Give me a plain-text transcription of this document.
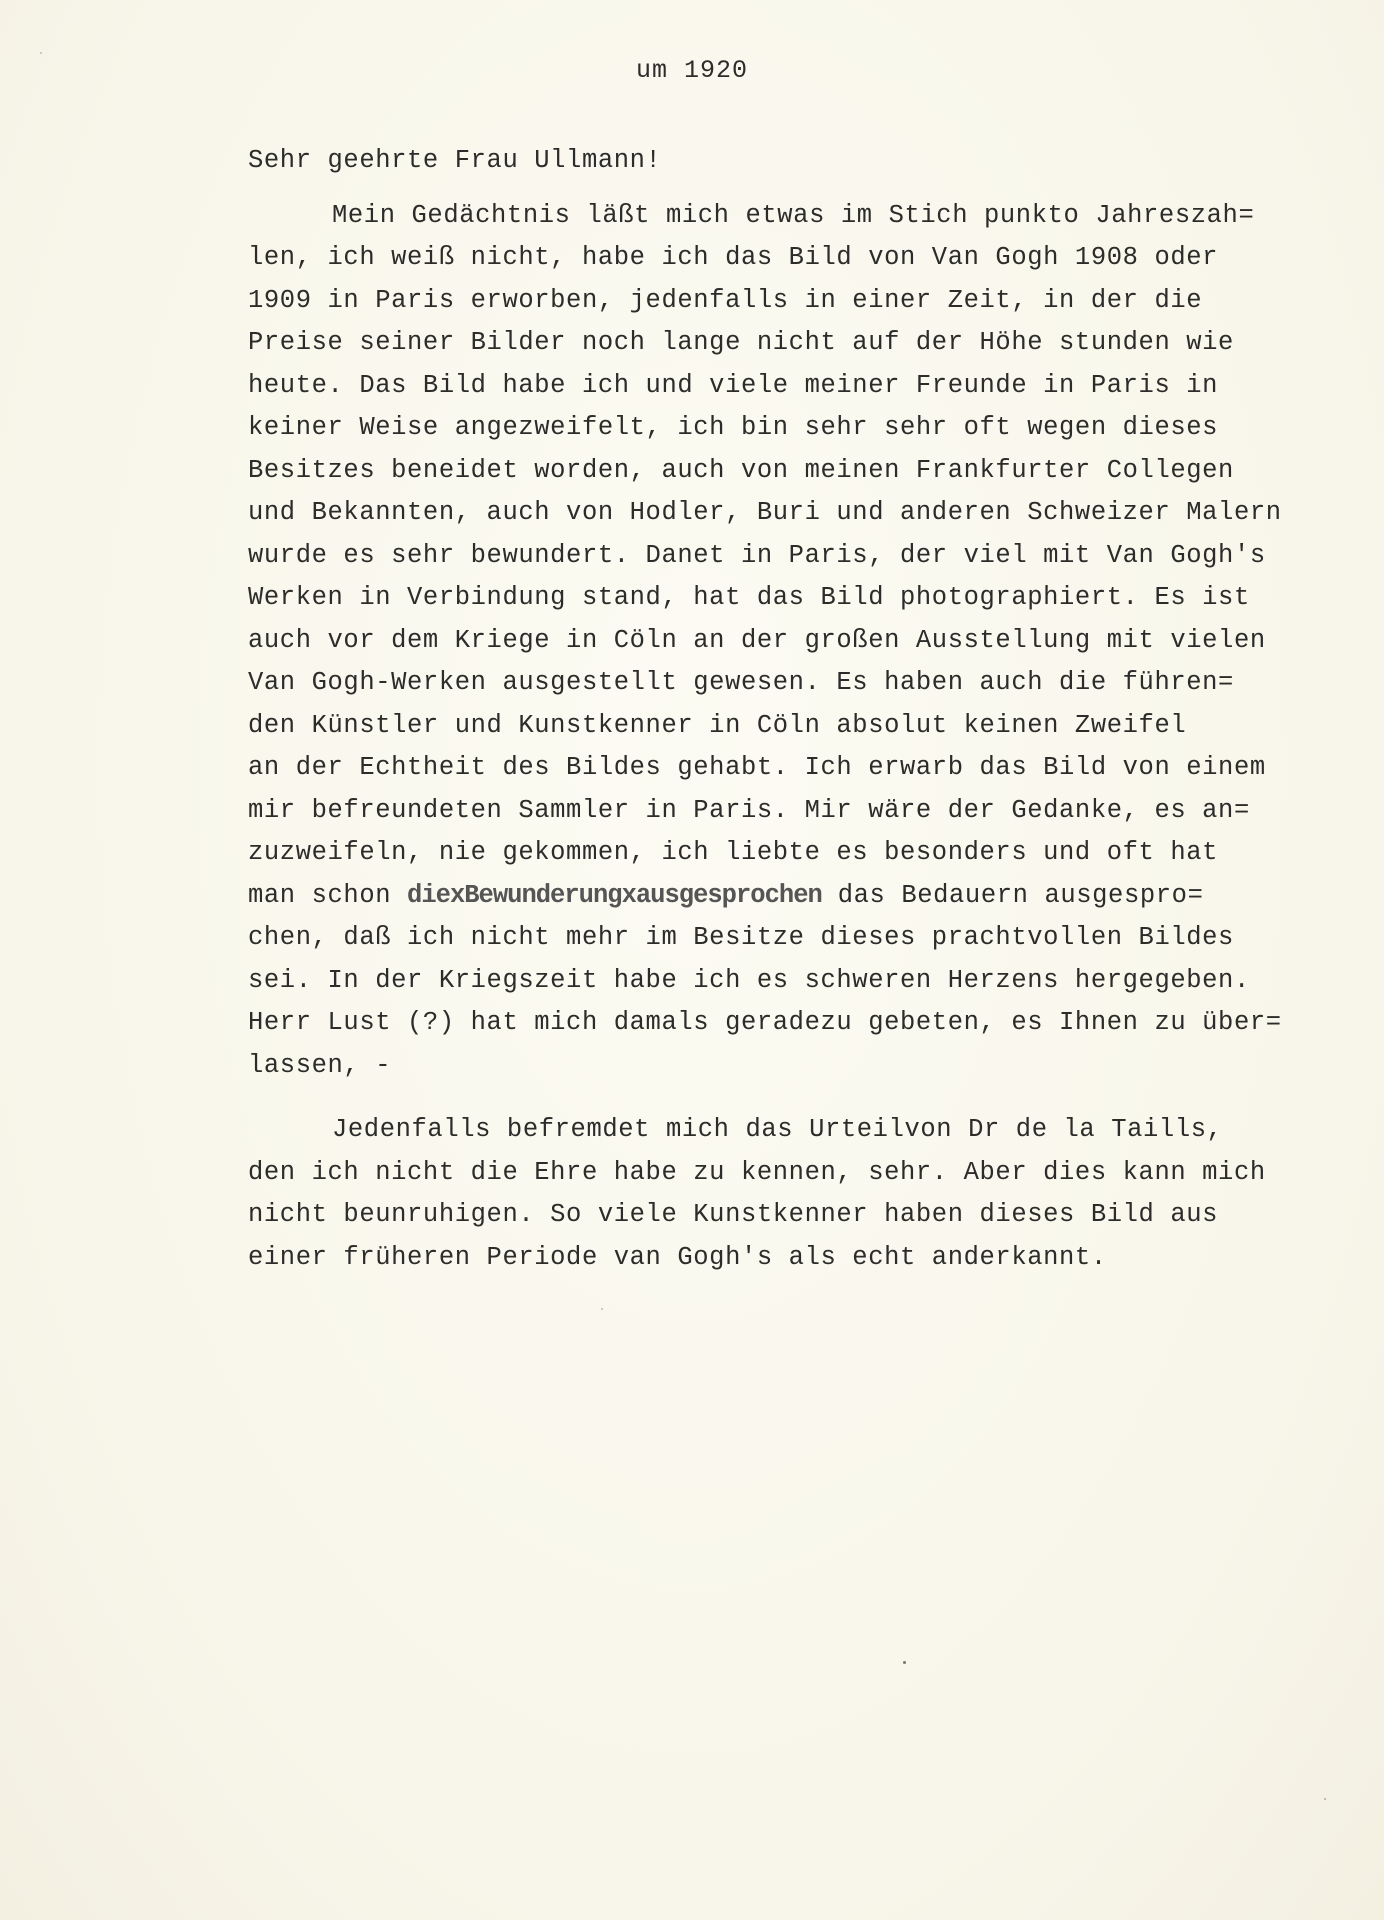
um 1920
Sehr geehrte Frau Ullmann!

Mein Gedächtnis läßt mich etwas im Stich punkto Jahreszah=

len, ich weiß nicht, habe ich das Bild von Van Gogh 1908 oder

1909 in Paris erworben, jedenfalls in einer Zeit, in der die

Preise seiner Bilder noch lange nicht auf der Höhe stunden wie

heute. Das Bild habe ich und viele meiner Freunde in Paris in

keiner Weise angezweifelt, ich bin sehr sehr oft wegen dieses

Besitzes beneidet worden, auch von meinen Frankfurter Collegen

und Bekannten, auch von Hodler, Buri und anderen Schweizer Malern

wurde es sehr bewundert. Danet in Paris, der viel mit Van Gogh's

Werken in Verbindung stand, hat das Bild photographiert. Es ist

auch vor dem Kriege in Cöln an der großen Ausstellung mit vielen

Van Gogh-Werken ausgestellt gewesen. Es haben auch die führen=

den Künstler und Kunstkenner in Cöln absolut keinen Zweifel

an der Echtheit des Bildes gehabt. Ich erwarb das Bild von einem

mir befreundeten Sammler in Paris. Mir wäre der Gedanke, es an=

zuzweifeln, nie gekommen, ich liebte es besonders und oft hat

man schon diexBewunderungxausgesprochen das Bedauern ausgespro=

chen, daß ich nicht mehr im Besitze dieses prachtvollen Bildes

sei. In der Kriegszeit habe ich es schweren Herzens hergegeben.

Herr Lust (?) hat mich damals geradezu gebeten, es Ihnen zu über=

lassen, -

Jedenfalls befremdet mich das Urteilvon Dr de la Taills,

den ich nicht die Ehre habe zu kennen, sehr. Aber dies kann mich

nicht beunruhigen. So viele Kunstkenner haben dieses Bild aus

einer früheren Periode van Gogh's als echt anderkannt.
